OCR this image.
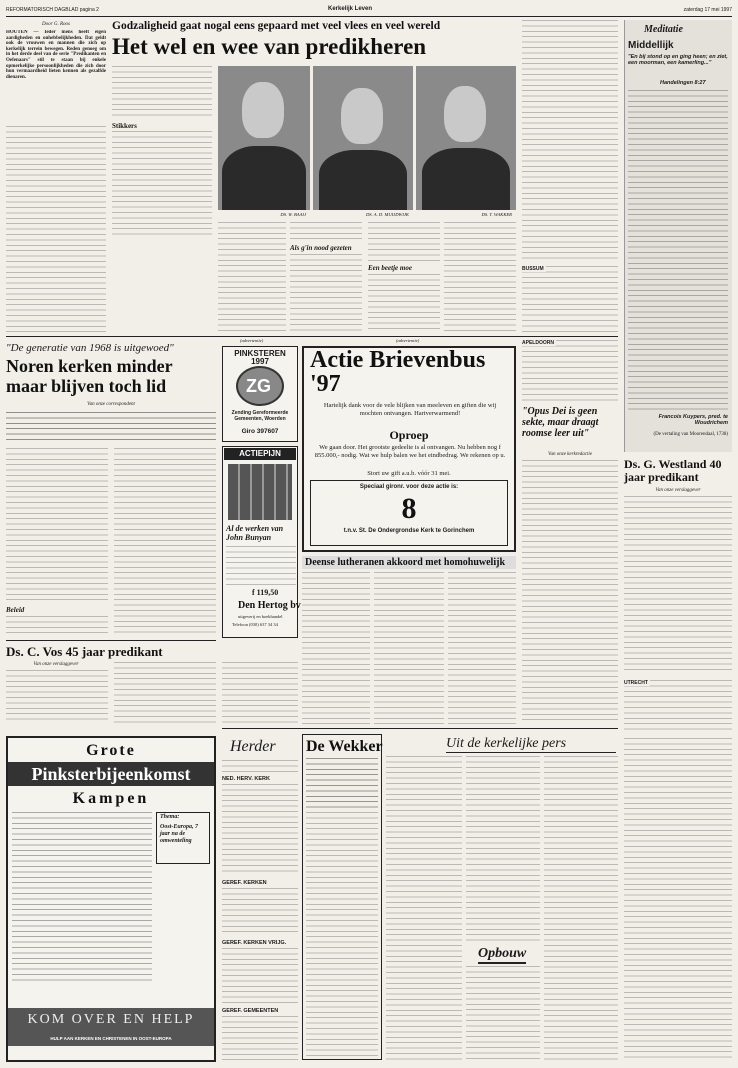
REFORMATORISCH DAGBLAD pagina 2	Kerkelijk Leven	zaterdag 17 mei 1997
Godzaligheid gaat nogal eens gepaard met veel vlees en veel wereld
Het wel en wee van predikheren
Door G. Roos
HOUTEN — Ieder mens heeft eigen aardigheden en onhebbelijkheden. Dat geldt ook de vrouwen en mannen die zich op kerkelijk terrein bewegen. Reden genoeg om in het derde deel van de serie "Predikanten en Oefenaars" stil te staan bij enkele opmerkelijke persoonlijkheden die zich door hun vermaardheid lieten kennen als gezalfde dienaren.
Stikkers
DS. W. BAAIJ	DS. A. D. MUIJDWIJK	DS. T. WAKKER
Als g'in nood gezeten
Een beetje moe	BUSSUM
Meditatie
Middellijk
"En bij stond op en ging heen; en ziet, een moorman, een kamerling..."
Handelingen 8:27
Francois Kuypers, pred. te Woudrichem
(De vertaling van Moorendaal, 1738)
"De generatie van 1968 is uitgewoed"
Noren kerken minder maar blijven toch lid
Van onze correspondent
Beleid
Ds. C. Vos 45 jaar predikant
Van onze verslaggever
(advertentie)
PINKSTEREN 1997
ZG
Zending Gereformeerde Gemeenten, Woerden
Giro 397607
ACTIEPIJN
Al de werken van John Bunyan
f 119,50
Den Hertog bv
uitgeverij en boekhandel
Telefoon (030) 637 34 34
(advertentie)
Actie Brievenbus '97
Hartelijk dank voor de vele blijken van meeleven en giften die wij mochten ontvangen. Hartverwarmend!
Oproep
We gaan door. Het grootste gedeelte is al ontvangen. Nu hebben nog f 855.000,- nodig. Wat we hulp balen we het eindbedrag. We rekenen op u.
Stort uw gift a.u.b. vóór 31 mei.
Speciaal gironr. voor deze actie is:
8
t.n.v. St. De Ondergrondse Kerk te Gorinchem
Deense lutheranen akkoord met homohuwelijk
APELDOORN
"Opus Dei is geen sekte, maar draagt roomse leer uit"
Van onze kerkredactie
Ds. G. Westland 40 jaar predikant
Van onze verslaggever
UTRECHT
Grote
Pinksterbijeenkomst
Kampen
Thema:
Oost-Europa, 7 jaar na de omwenteling
KOM OVER EN HELP
HULP AAN KERKEN EN CHRISTENEN IN OOST-EUROPA
Herder
NED. HERV. KERK
GEREF. KERKEN
GEREF. KERKEN VRIJG.
GEREF. GEMEENTEN
De Wekker	Uit de kerkelijke pers
Opbouw
